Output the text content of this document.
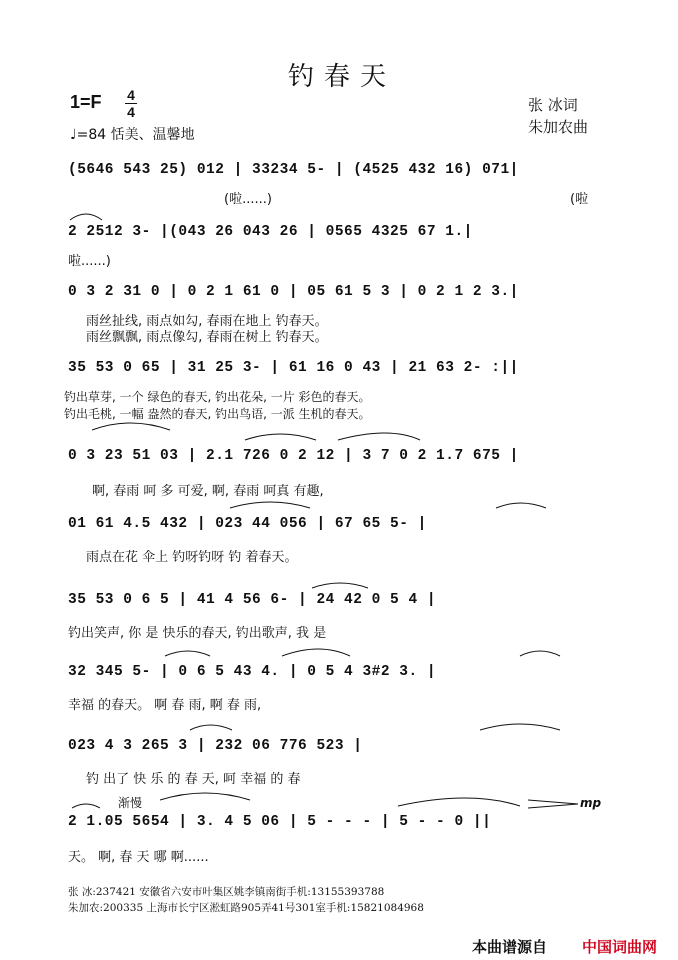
钓春天
1=F 4
4
♩=84 恬美、温馨地
张 冰词
朱加农曲
(5646 543 25) 012 | 33234 5- | (4525 432 16) 071|
(啦......)	(啦
2 2512 3- |(043 26 043 26 | 0565 4325 67 1.|
啦......)
0 3 2 31 0 | 0 2 1 61 0 | 05 61 5 3 | 0 2 1 2 3.|
雨丝扯线, 雨点如勾, 春雨在地上 钓春天。
雨丝飘飘, 雨点像勾, 春雨在树上 钓春天。
35 53 0 65 | 31 25 3- | 61 16 0 43 | 21 63 2- :||
钓出草芽, 一个 绿色的春天, 钓出花朵, 一片 彩色的春天。
钓出毛桃, 一幅 盎然的春天, 钓出鸟语, 一派 生机的春天。
0 3 23 51 03 | 2.1 726 0 2 12 | 3 7 0 2 1.7 675 |
啊, 春雨 呵 多 可爱, 啊, 春雨 呵真 有趣,
01 61 4.5 432 | 023 44 056 | 67 65 5- |
雨点在花 伞上 钓呀钓呀 钓 着春天。
35 53 0 6 5 | 41 4 56 6- | 24 42 0 5 4 |
钓出笑声, 你 是 快乐的春天, 钓出歌声, 我 是
32 345 5- | 0 6 5 43 4. | 0 5 4 3#2 3. |
幸福 的春天。 啊 春 雨, 啊 春 雨,
023 4 3 265 3 | 232 06 776 523 |
钓 出了 快 乐 的 春 天, 呵 幸福 的 春
渐慢	mp
2 1.05 5654 | 3. 4 5 06 | 5 - - - | 5 - - 0 ||
天。 啊, 春 天 哪 啊......
张 冰:237421 安徽省六安市叶集区姚李镇南街手机:13155393788
朱加农:200335 上海市长宁区淞虹路905弄41号301室手机:15821084968
本曲谱源自 中国词曲网
